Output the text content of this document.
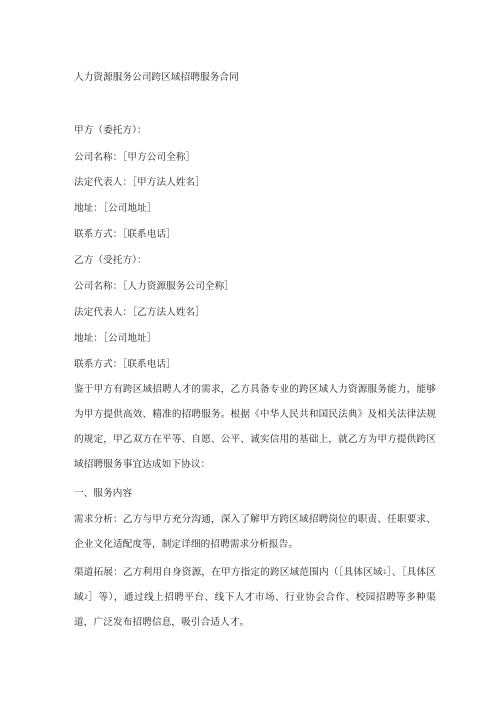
人力资源服务公司跨区域招聘服务合同
甲方（委托方）：
公司名称：［甲方公司全称］
法定代表人：［甲方法人姓名］
地址：［公司地址］
联系方式：［联系电话］
乙方（受托方）：
公司名称：［人力资源服务公司全称］
法定代表人：［乙方法人姓名］
地址：［公司地址］
联系方式：［联系电话］
鉴于甲方有跨区域招聘人才的需求，乙方具备专业的跨区域人力资源服务能力，能够为甲方提供高效、精准的招聘服务。根据《中华人民共和国民法典》及相关法律法规的规定，甲乙双方在平等、自愿、公平、诚实信用的基础上，就乙方为甲方提供跨区域招聘服务事宜达成如下协议：
一、服务内容
需求分析：乙方与甲方充分沟通，深入了解甲方跨区域招聘岗位的职责、任职要求、企业文化适配度等，制定详细的招聘需求分析报告。
渠道拓展：乙方利用自身资源，在甲方指定的跨区域范围内（［具体区域1］、［具体区域2］等），通过线上招聘平台、线下人才市场、行业协会合作、校园招聘等多种渠道，广泛发布招聘信息，吸引合适人才。
